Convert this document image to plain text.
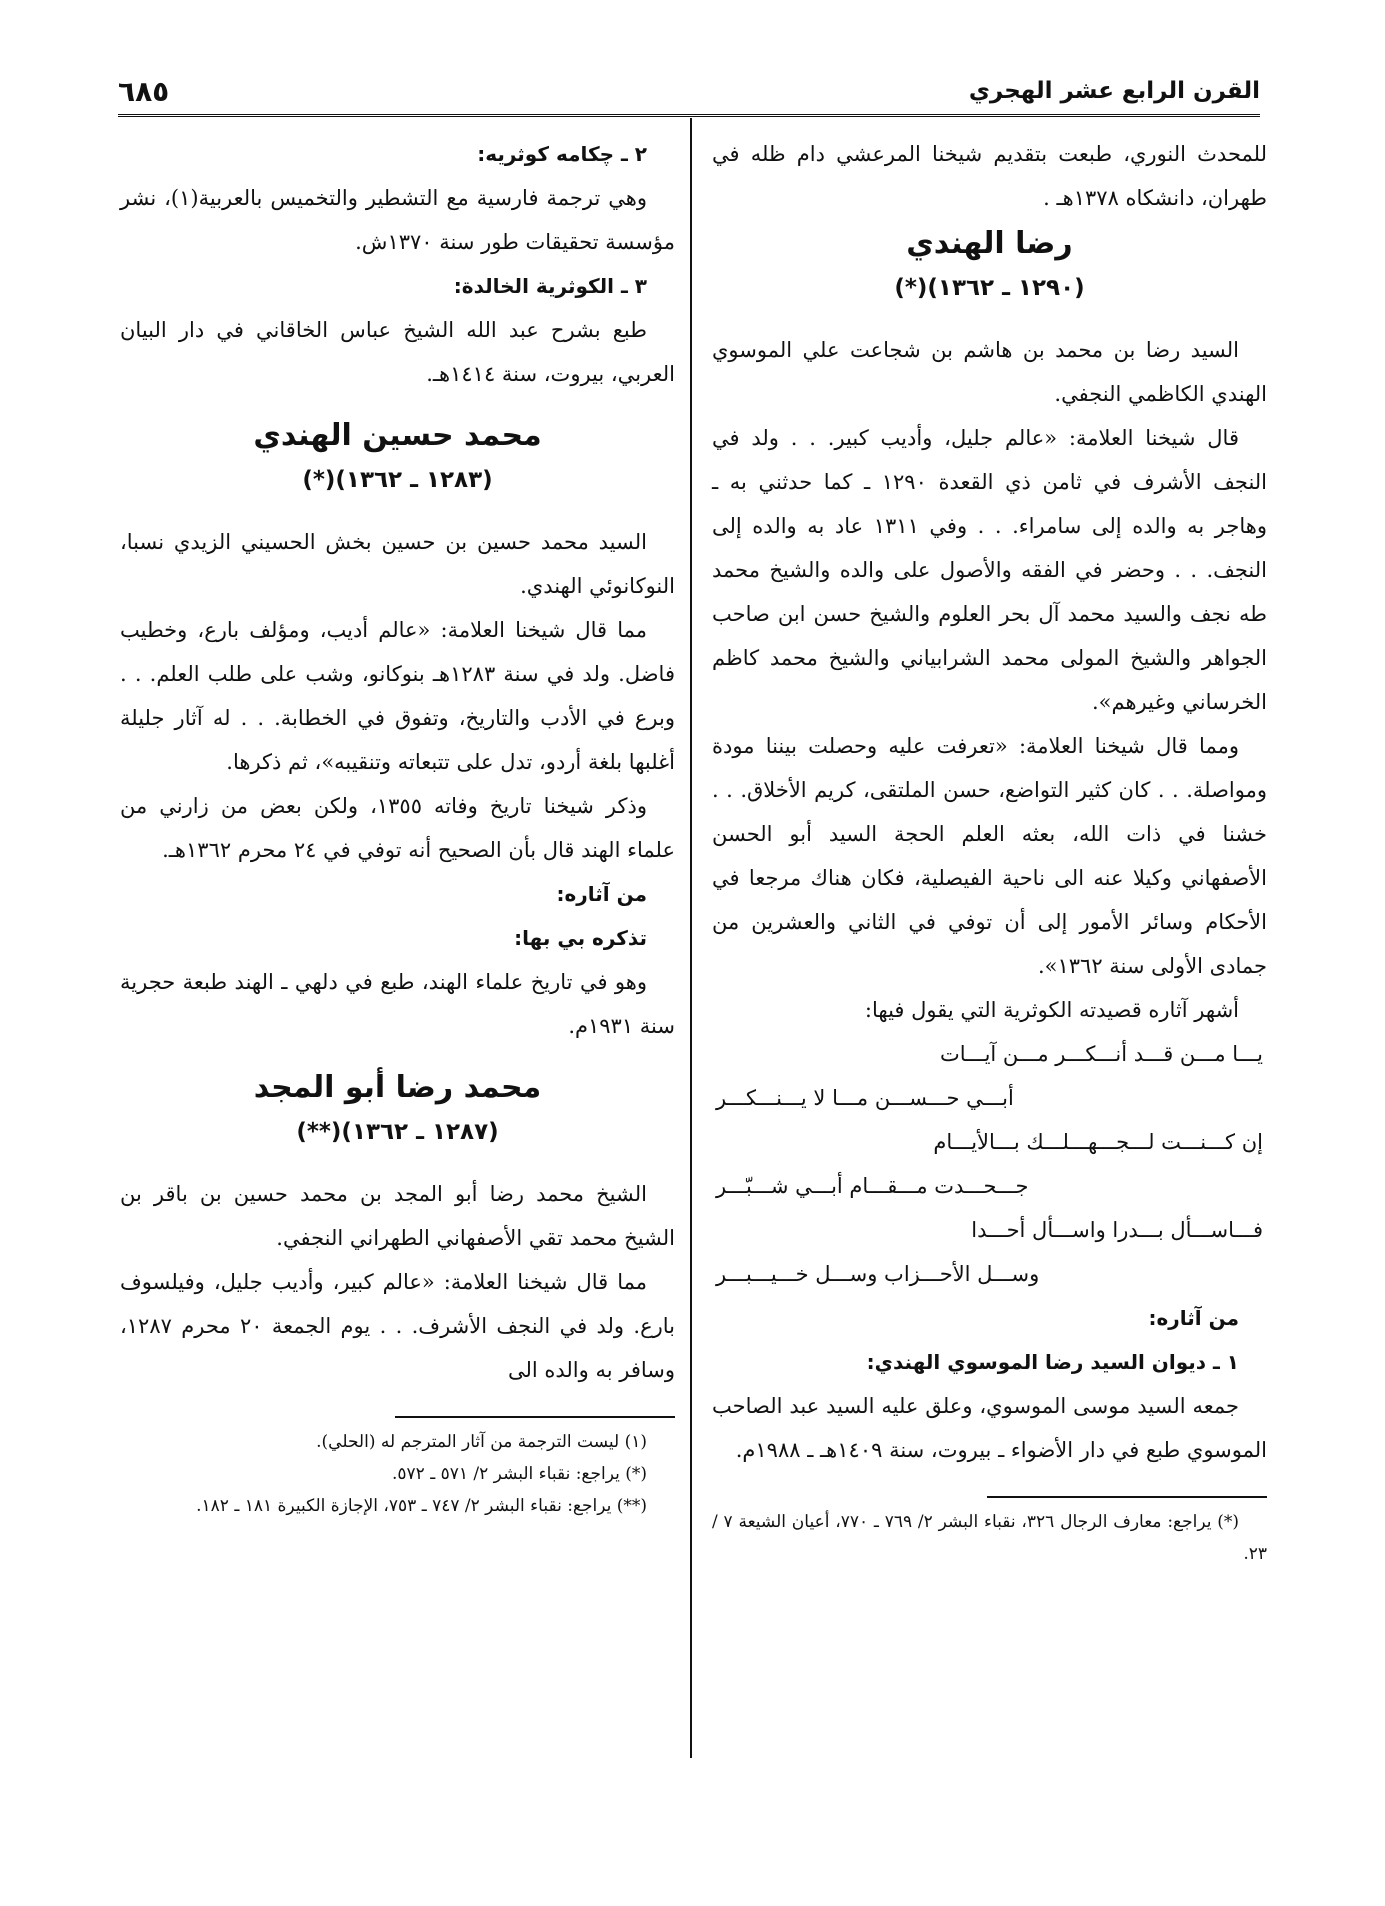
القرن الرابع عشر الهجري
٦٨٥

للمحدث النوري، طبعت بتقديم شيخنا المرعشي دام ظله في طهران، دانشكاه ١٣٧٨هـ .

رضا الهندي
(١٢٩٠ ـ ١٣٦٢)(*)

السيد رضا بن محمد بن هاشم بن شجاعت علي الموسوي الهندي الكاظمي النجفي.

قال شيخنا العلامة: «عالم جليل، وأديب كبير. . . ولد في النجف الأشرف في ثامن ذي القعدة ١٢٩٠ ـ كما حدثني به ـ وهاجر به والده إلى سامراء. . . وفي ١٣١١ عاد به والده إلى النجف. . . وحضر في الفقه والأصول على والده والشيخ محمد طه نجف والسيد محمد آل بحر العلوم والشيخ حسن ابن صاحب الجواهر والشيخ المولى محمد الشرابياني والشيخ محمد كاظم الخرساني وغيرهم».

ومما قال شيخنا العلامة: «تعرفت عليه وحصلت بيننا مودة ومواصلة. . . كان كثير التواضع، حسن الملتقى، كريم الأخلاق. . . خشنا في ذات الله، بعثه العلم الحجة السيد أبو الحسن الأصفهاني وكيلا عنه الى ناحية الفيصلية، فكان هناك مرجعا في الأحكام وسائر الأمور إلى أن توفي في الثاني والعشرين من جمادى الأولى سنة ١٣٦٢».

أشهر آثاره قصيدته الكوثرية التي يقول فيها:

يـــا مـــن قـــد أنـــكـــر مـــن آيـــات
أبـــي حـــســـن مـــا لا يـــنـــكـــر
إن كـــنـــت لـــجـــهـــلـــك بـــالأيـــام
جـــحـــدت مـــقـــام أبـــي شـــبّـــر
فـــاســـأل بـــدرا واســـأل أحـــدا
وســـل الأحـــزاب وســـل خـــيـــبـــر

من آثاره:

١ ـ ديوان السيد رضا الموسوي الهندي:

جمعه السيد موسى الموسوي، وعلق عليه السيد عبد الصاحب الموسوي طبع في دار الأضواء ـ بيروت، سنة ١٤٠٩هـ ـ ١٩٨٨م.

(*) يراجع: معارف الرجال ٣٢٦، نقباء البشر ٢/ ٧٦٩ ـ ٧٧٠، أعيان الشيعة ٧ / ٢٣.

٢ ـ چكامه كوثريه:

وهي ترجمة فارسية مع التشطير والتخميس بالعربية(١)، نشر مؤسسة تحقيقات طور سنة ١٣٧٠ش.

٣ ـ الكوثرية الخالدة:

طبع بشرح عبد الله الشيخ عباس الخاقاني في دار البيان العربي، بيروت، سنة ١٤١٤هـ.

محمد حسين الهندي
(١٢٨٣ ـ ١٣٦٢)(*)

السيد محمد حسين بن حسين بخش الحسيني الزيدي نسبا، النوكانوئي الهندي.

مما قال شيخنا العلامة: «عالم أديب، ومؤلف بارع، وخطيب فاضل. ولد في سنة ١٢٨٣هـ بنوكانو، وشب على طلب العلم. . . وبرع في الأدب والتاريخ، وتفوق في الخطابة. . . له آثار جليلة أغلبها بلغة أردو، تدل على تتبعاته وتنقيبه»، ثم ذكرها.

وذكر شيخنا تاريخ وفاته ١٣٥٥، ولكن بعض من زارني من علماء الهند قال بأن الصحيح أنه توفي في ٢٤ محرم ١٣٦٢هـ.

من آثاره:

تذكره بي بها:

وهو في تاريخ علماء الهند، طبع في دلهي ـ الهند طبعة حجرية سنة ١٩٣١م.

محمد رضا أبو المجد
(١٢٨٧ ـ ١٣٦٢)(**)

الشيخ محمد رضا أبو المجد بن محمد حسين بن باقر بن الشيخ محمد تقي الأصفهاني الطهراني النجفي.

مما قال شيخنا العلامة: «عالم كبير، وأديب جليل، وفيلسوف بارع. ولد في النجف الأشرف. . . يوم الجمعة ٢٠ محرم ١٢٨٧، وسافر به والده الى

(١) ليست الترجمة من آثار المترجم له (الحلي).

(*) يراجع: نقباء البشر ٢/ ٥٧١ ـ ٥٧٢.

(**) يراجع: نقباء البشر ٢/ ٧٤٧ ـ ٧٥٣، الإجازة الكبيرة ١٨١ ـ ١٨٢.
